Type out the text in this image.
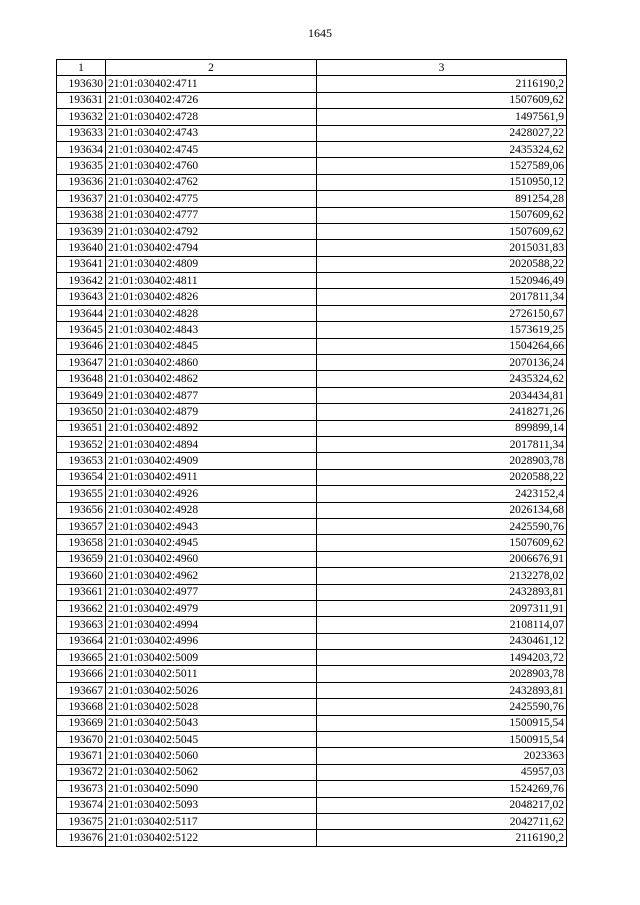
1645
1	2	3
193630	21:01:030402:4711	2116190,2
193631	21:01:030402:4726	1507609,62
193632	21:01:030402:4728	1497561,9
193633	21:01:030402:4743	2428027,22
193634	21:01:030402:4745	2435324,62
193635	21:01:030402:4760	1527589,06
193636	21:01:030402:4762	1510950,12
193637	21:01:030402:4775	891254,28
193638	21:01:030402:4777	1507609,62
193639	21:01:030402:4792	1507609,62
193640	21:01:030402:4794	2015031,83
193641	21:01:030402:4809	2020588,22
193642	21:01:030402:4811	1520946,49
193643	21:01:030402:4826	2017811,34
193644	21:01:030402:4828	2726150,67
193645	21:01:030402:4843	1573619,25
193646	21:01:030402:4845	1504264,66
193647	21:01:030402:4860	2070136,24
193648	21:01:030402:4862	2435324,62
193649	21:01:030402:4877	2034434,81
193650	21:01:030402:4879	2418271,26
193651	21:01:030402:4892	899899,14
193652	21:01:030402:4894	2017811,34
193653	21:01:030402:4909	2028903,78
193654	21:01:030402:4911	2020588,22
193655	21:01:030402:4926	2423152,4
193656	21:01:030402:4928	2026134,68
193657	21:01:030402:4943	2425590,76
193658	21:01:030402:4945	1507609,62
193659	21:01:030402:4960	2006676,91
193660	21:01:030402:4962	2132278,02
193661	21:01:030402:4977	2432893,81
193662	21:01:030402:4979	2097311,91
193663	21:01:030402:4994	2108114,07
193664	21:01:030402:4996	2430461,12
193665	21:01:030402:5009	1494203,72
193666	21:01:030402:5011	2028903,78
193667	21:01:030402:5026	2432893,81
193668	21:01:030402:5028	2425590,76
193669	21:01:030402:5043	1500915,54
193670	21:01:030402:5045	1500915,54
193671	21:01:030402:5060	2023363
193672	21:01:030402:5062	45957,03
193673	21:01:030402:5090	1524269,76
193674	21:01:030402:5093	2048217,02
193675	21:01:030402:5117	2042711,62
193676	21:01:030402:5122	2116190,2
